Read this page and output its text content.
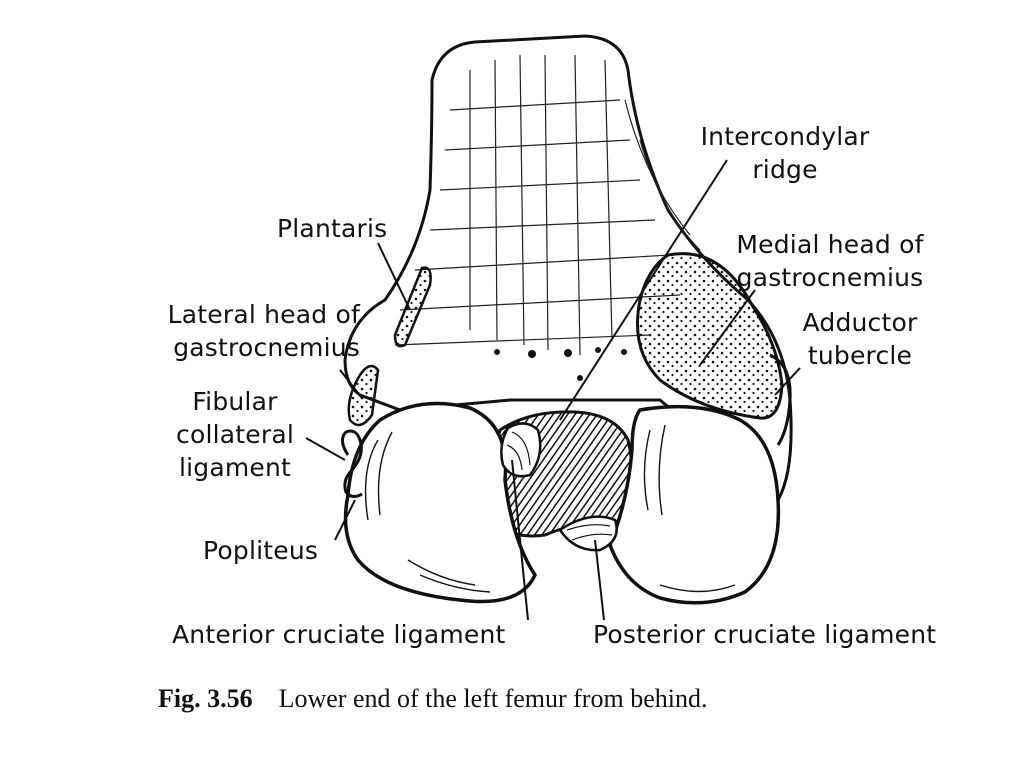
Intercondylar
ridge
Plantaris
Medial head of
gastrocnemius
Lateral head of
gastrocnemius
Adductor
tubercle
Fibular
collateral
ligament
Popliteus
Anterior cruciate ligament	Posterior cruciate ligament
Fig. 3.56 Lower end of the left femur from behind.
